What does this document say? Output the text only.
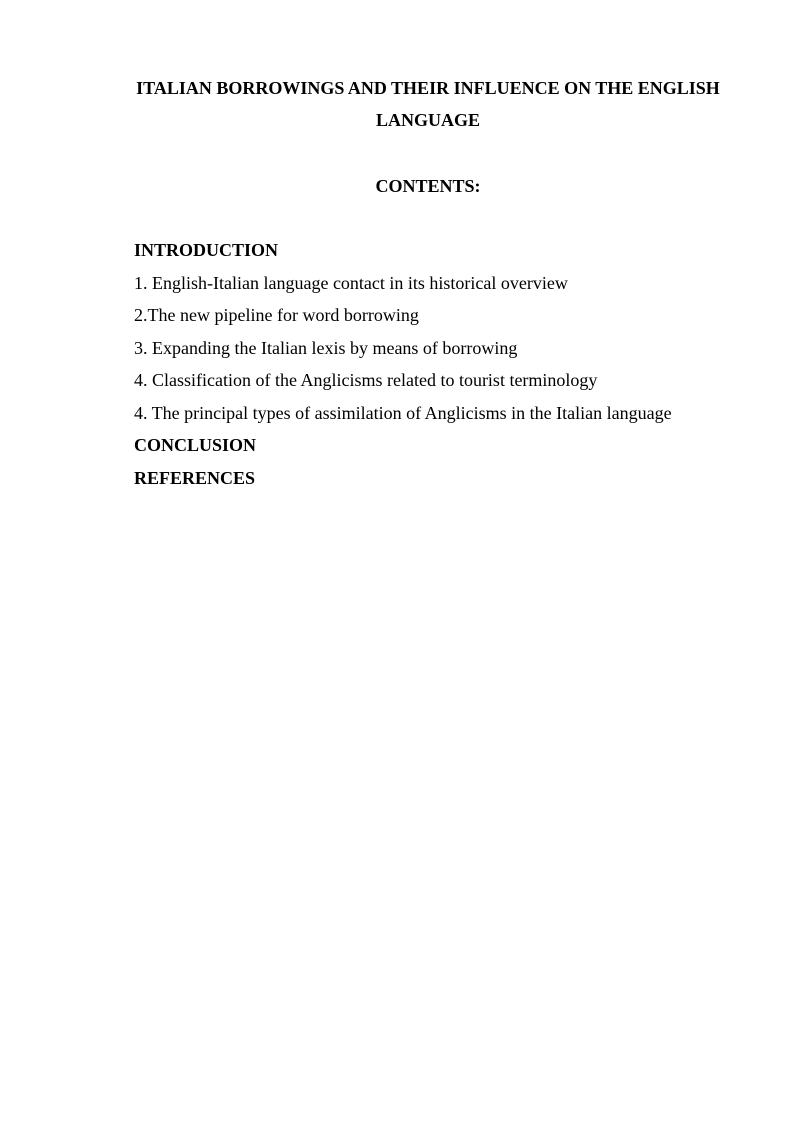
ITALIAN BORROWINGS AND THEIR INFLUENCE ON THE ENGLISH LANGUAGE
CONTENTS:
INTRODUCTION
1. English-Italian language contact in its historical overview
2.The new pipeline for word borrowing
3. Expanding the Italian lexis by means of borrowing
4. Classification of the Anglicisms related to tourist terminology
4. The principal types of assimilation of Anglicisms in the Italian language
CONCLUSION
REFERENCES
